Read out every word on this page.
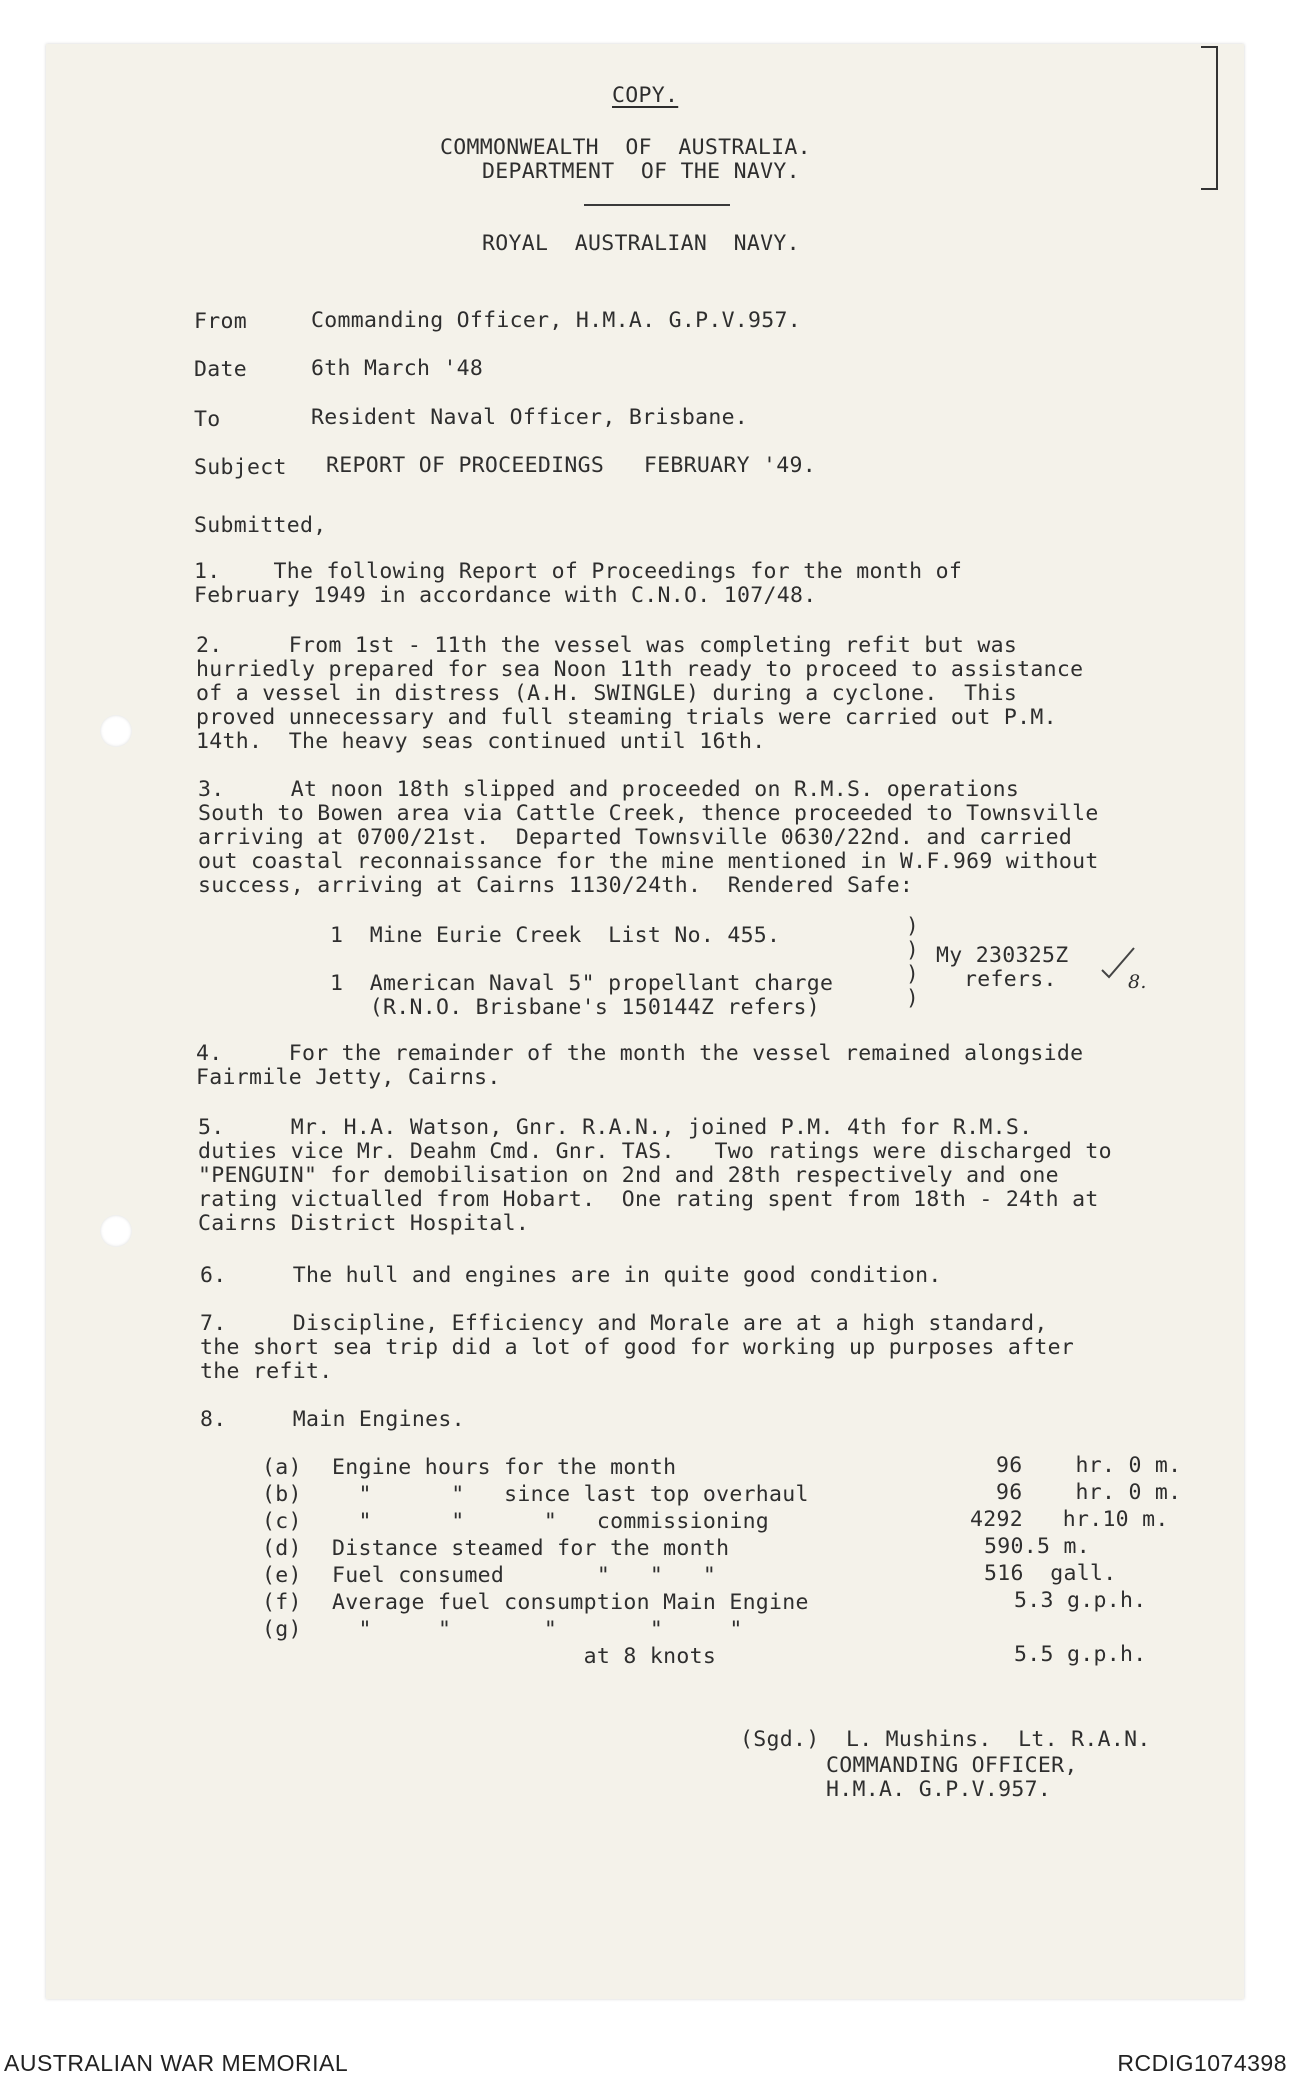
COPY.
COMMONWEALTH  OF  AUSTRALIA.
DEPARTMENT  OF THE NAVY.
ROYAL  AUSTRALIAN  NAVY.
From	Commanding Officer, H.M.A. G.P.V.957.
Date	6th March '48
To	Resident Naval Officer, Brisbane.
Subject REPORT OF PROCEEDINGS   FEBRUARY '49.
Submitted,
1.    The following Report of Proceedings for the month of
February 1949 in accordance with C.N.O. 107/48.
2.     From 1st - 11th the vessel was completing refit but was
hurriedly prepared for sea Noon 11th ready to proceed to assistance
of a vessel in distress (A.H. SWINGLE) during a cyclone.  This
proved unnecessary and full steaming trials were carried out P.M.
14th.  The heavy seas continued until 16th.
3.     At noon 18th slipped and proceeded on R.M.S. operations
South to Bowen area via Cattle Creek, thence proceeded to Townsville
arriving at 0700/21st.  Departed Townsville 0630/22nd. and carried
out coastal reconnaissance for the mine mentioned in W.F.969 without
success, arriving at Cairns 1130/24th.  Rendered Safe:
1  Mine Eurie Creek  List No. 455.
1  American Naval 5" propellant charge
(R.N.O. Brisbane's 150144Z refers)
)
)
)
)
My 230325Z
refers.	8.
4.     For the remainder of the month the vessel remained alongside
Fairmile Jetty, Cairns.
5.     Mr. H.A. Watson, Gnr. R.A.N., joined P.M. 4th for R.M.S.
duties vice Mr. Deahm Cmd. Gnr. TAS.   Two ratings were discharged to
"PENGUIN" for demobilisation on 2nd and 28th respectively and one
rating victualled from Hobart.  One rating spent from 18th - 24th at
Cairns District Hospital.
6.     The hull and engines are in quite good condition.
7.     Discipline, Efficiency and Morale are at a high standard,
the short sea trip did a lot of good for working up purposes after
the refit.
8.     Main Engines.
(a) Engine hours for the month	96    hr. 0 m.
(b) "      "   since last top overhaul	96    hr. 0 m.
(c) "      "      "   commissioning	4292   hr.10 m.
(d) Distance steamed for the month	590.5 m.
(e) Fuel consumed       "   "   "	516  gall.
(f) Average fuel consumption Main Engine	5.3 g.p.h.
(g) "     "       "       "     "
at 8 knots	5.5 g.p.h.
(Sgd.)  L. Mushins.  Lt. R.A.N.
COMMANDING OFFICER,
H.M.A. G.P.V.957.
AUSTRALIAN WAR MEMORIAL	RCDIG1074398
